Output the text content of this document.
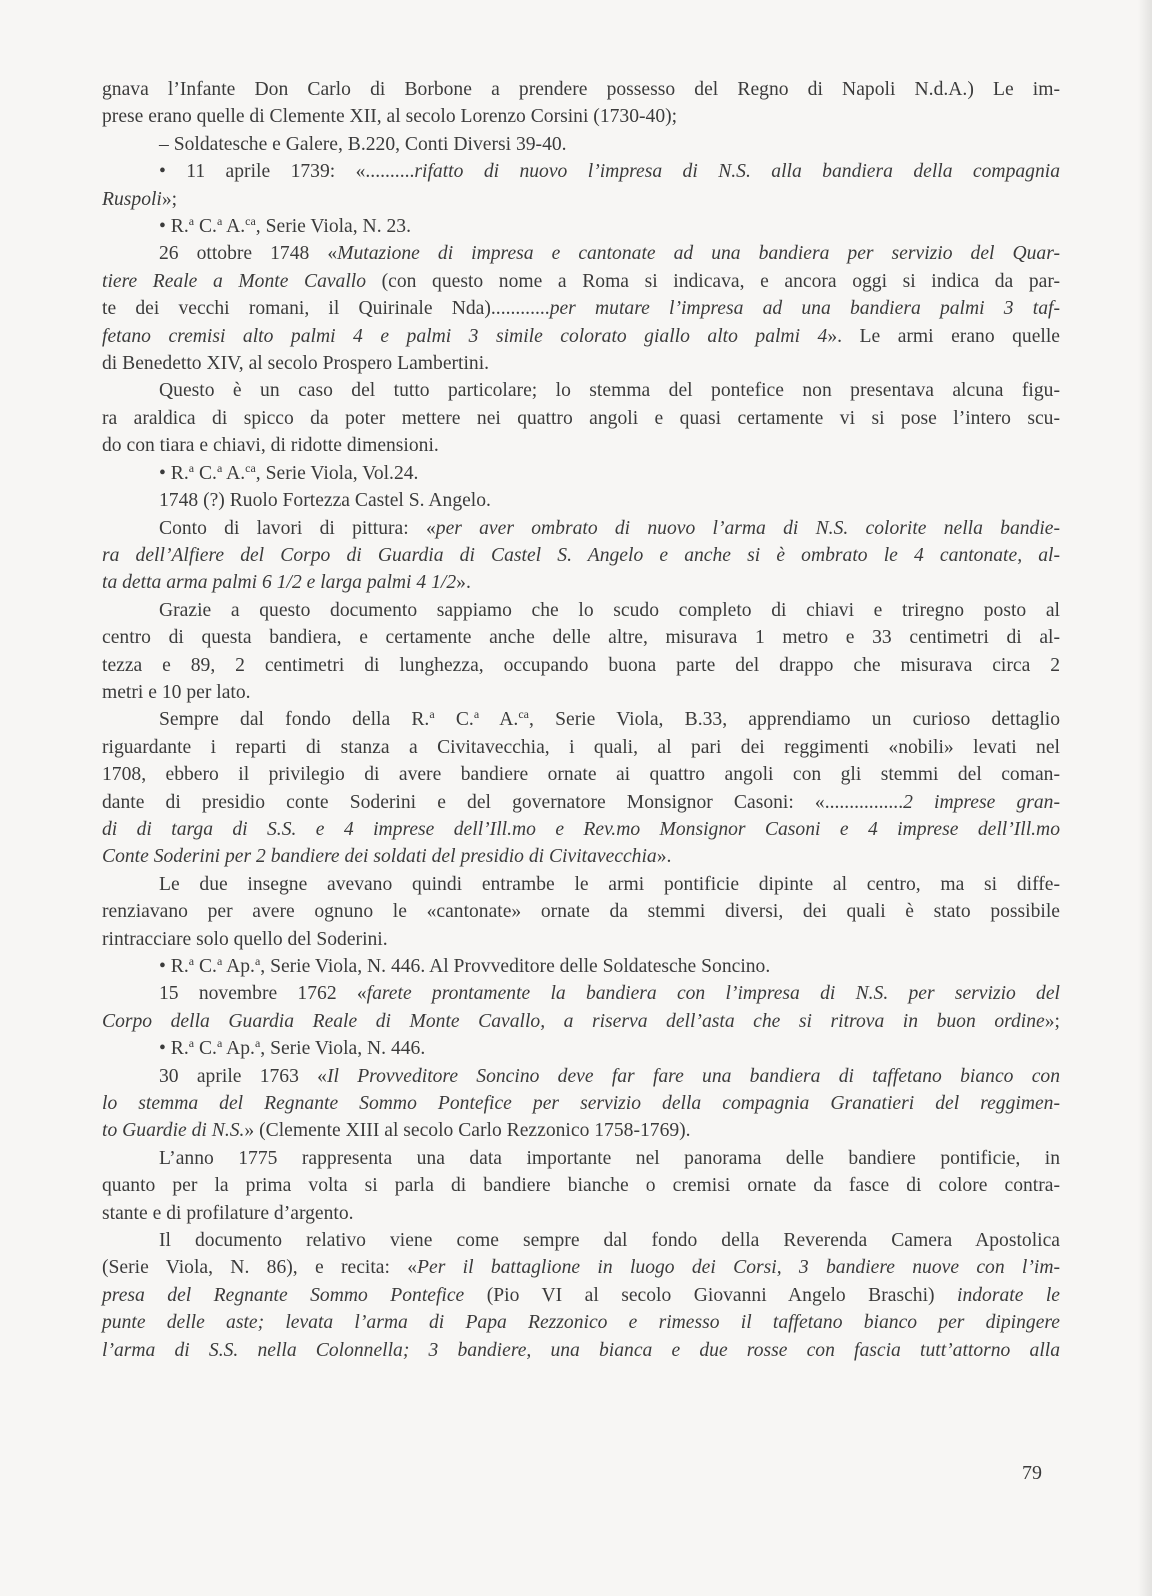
gnava l’Infante Don Carlo di Borbone a prendere possesso del Regno di Napoli N.d.A.) Le im-
prese erano quelle di Clemente XII, al secolo Lorenzo Corsini (1730-40);
– Soldatesche e Galere, B.220, Conti Diversi 39-40.
• 11 aprile 1739: «..........rifatto di nuovo l’impresa di N.S. alla bandiera della compagnia
Ruspoli»;
• R.$^a$ C.$^a$ A.$^{ca}$, Serie Viola, N. 23.
26 ottobre 1748 «Mutazione di impresa e cantonate ad una bandiera per servizio del Quar-
tiere Reale a Monte Cavallo (con questo nome a Roma si indicava, e ancora oggi si indica da par-
te dei vecchi romani, il Quirinale Nda)............per mutare l’impresa ad una bandiera palmi 3 taf-
fetano cremisi alto palmi 4 e palmi 3 simile colorato giallo alto palmi 4». Le armi erano quelle
di Benedetto XIV, al secolo Prospero Lambertini.
Questo è un caso del tutto particolare; lo stemma del pontefice non presentava alcuna figu-
ra araldica di spicco da poter mettere nei quattro angoli e quasi certamente vi si pose l’intero scu-
do con tiara e chiavi, di ridotte dimensioni.
• R.$^a$ C.$^a$ A.$^{ca}$, Serie Viola, Vol.24.
1748 (?) Ruolo Fortezza Castel S. Angelo.
Conto di lavori di pittura: «per aver ombrato di nuovo l’arma di N.S. colorite nella bandie-
ra dell’Alfiere del Corpo di Guardia di Castel S. Angelo e anche si è ombrato le 4 cantonate, al-
ta detta arma palmi 6 1/2 e larga palmi 4 1/2».
Grazie a questo documento sappiamo che lo scudo completo di chiavi e triregno posto al
centro di questa bandiera, e certamente anche delle altre, misurava 1 metro e 33 centimetri di al-
tezza e 89, 2 centimetri di lunghezza, occupando buona parte del drappo che misurava circa 2
metri e 10 per lato.
Sempre dal fondo della R.$^a$ C.$^a$ A.$^{ca}$, Serie Viola, B.33, apprendiamo un curioso dettaglio
riguardante i reparti di stanza a Civitavecchia, i quali, al pari dei reggimenti «nobili» levati nel
1708, ebbero il privilegio di avere bandiere ornate ai quattro angoli con gli stemmi del coman-
dante di presidio conte Soderini e del governatore Monsignor Casoni: «................2 imprese gran-
di di targa di S.S. e 4 imprese dell’Ill.mo e Rev.mo Monsignor Casoni e 4 imprese dell’Ill.mo
Conte Soderini per 2 bandiere dei soldati del presidio di Civitavecchia».
Le due insegne avevano quindi entrambe le armi pontificie dipinte al centro, ma si diffe-
renziavano per avere ognuno le «cantonate» ornate da stemmi diversi, dei quali è stato possibile
rintracciare solo quello del Soderini.
• R.$^a$ C.$^a$ Ap.$^a$, Serie Viola, N. 446. Al Provveditore delle Soldatesche Soncino.
15 novembre 1762 «farete prontamente la bandiera con l’impresa di N.S. per servizio del
Corpo della Guardia Reale di Monte Cavallo, a riserva dell’asta che si ritrova in buon ordine»;
• R.$^a$ C.$^a$ Ap.$^a$, Serie Viola, N. 446.
30 aprile 1763 «Il Provveditore Soncino deve far fare una bandiera di taffetano bianco con
lo stemma del Regnante Sommo Pontefice per servizio della compagnia Granatieri del reggimen-
to Guardie di N.S.» (Clemente XIII al secolo Carlo Rezzonico 1758-1769).
L’anno 1775 rappresenta una data importante nel panorama delle bandiere pontificie, in
quanto per la prima volta si parla di bandiere bianche o cremisi ornate da fasce di colore contra-
stante e di profilature d’argento.
Il documento relativo viene come sempre dal fondo della Reverenda Camera Apostolica
(Serie Viola, N. 86), e recita: «Per il battaglione in luogo dei Corsi, 3 bandiere nuove con l’im-
presa del Regnante Sommo Pontefice (Pio VI al secolo Giovanni Angelo Braschi) indorate le
punte delle aste; levata l’arma di Papa Rezzonico e rimesso il taffetano bianco per dipingere
l’arma di S.S. nella Colonnella; 3 bandiere, una bianca e due rosse con fascia tutt’attorno alla
79
